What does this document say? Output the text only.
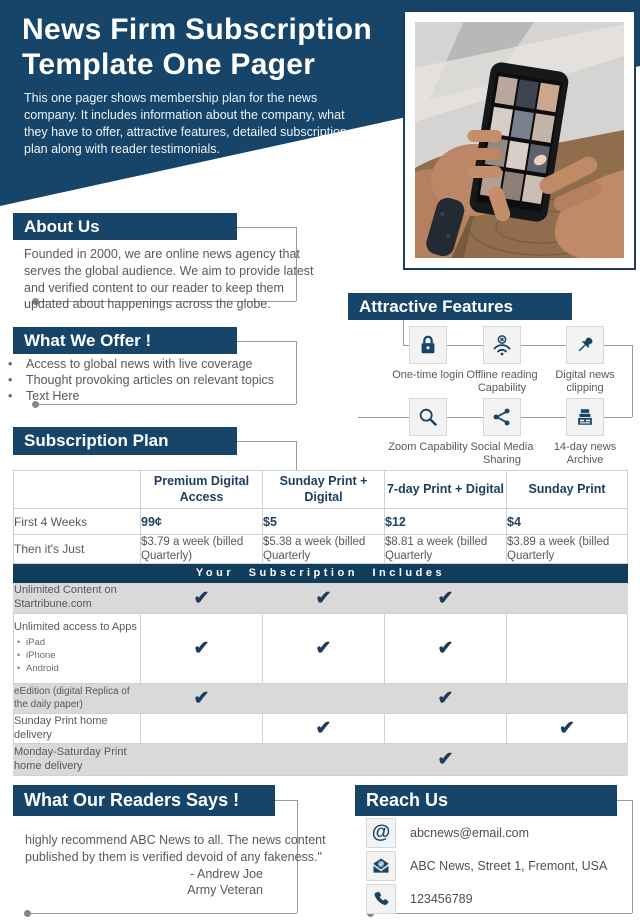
News Firm Subscription Template One Pager
This one pager shows membership plan for the news company. It includes information about the company, what they have to offer, attractive features, detailed subscription plan along with reader testimonials.
About Us
Founded in 2000, we are online news agency that serves the global audience. We aim to provide latest and verified content to our reader to keep them updated about happenings across the globe.
What We Offer !
• Access to global news with live coverage
• Thought provoking articles on relevant topics
• Text Here
Attractive Features
One-time login Offline reading Capability
Digital news clipping
Zoom Capability Social Media Sharing
14-day news Archive
Subscription Plan
	Premium Digital Access	Sunday Print + Digital	7-day Print + Digital	Sunday Print
First 4 Weeks	99¢	$5	$12	$4
Then it's Just	$3.79 a week (billed Quarterly)	$5.38 a week (billed Quarterly	$8.81 a week (billed Quarterly	$3.89 a week (billed Quarterly
Your Subscription Includes				
Unlimited Content on Startribune.com	✔	✔	✔	

Unlimited access to Apps
• iPad
• iPhone
• Android
	✔	✔	✔	
eEdition (digital Replica of the daily paper)	✔		✔	
Sunday Print home delivery		✔		✔
Monday-Saturday Print home delivery			✔	
What Our Readers Says !
highly recommend ABC News to all. The news content published by them is verified devoid of any fakeness."
- Andrew Joe
Army Veteran
Reach Us
@ abcnews@email.com
ABC News, Street 1, Fremont, USA
123456789
